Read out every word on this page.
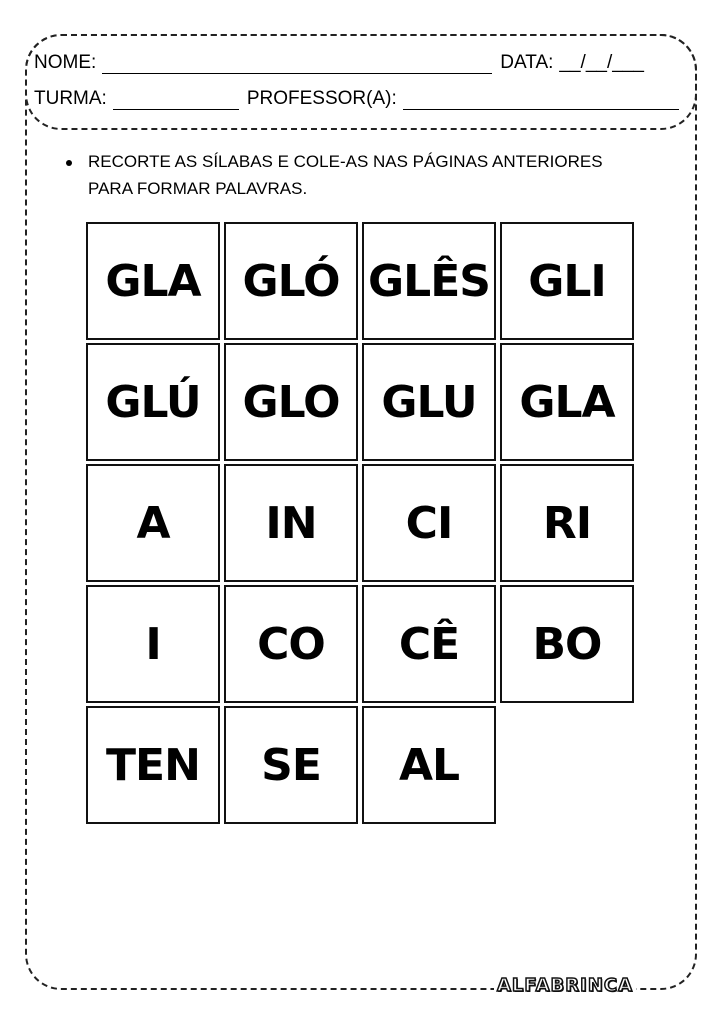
NOME:	DATA: __/__/___
TURMA:	PROFESSOR(A):
RECORTE AS SÍLABAS E COLE-AS NAS PÁGINAS ANTERIORES
PARA FORMAR PALAVRAS.
GLA GLÓ GLÊS GLI
GLÚ GLO GLU GLA
A	IN	CI	RI
I	CO	CÊ	BO
TEN	SE	AL
ALFABRINCA
